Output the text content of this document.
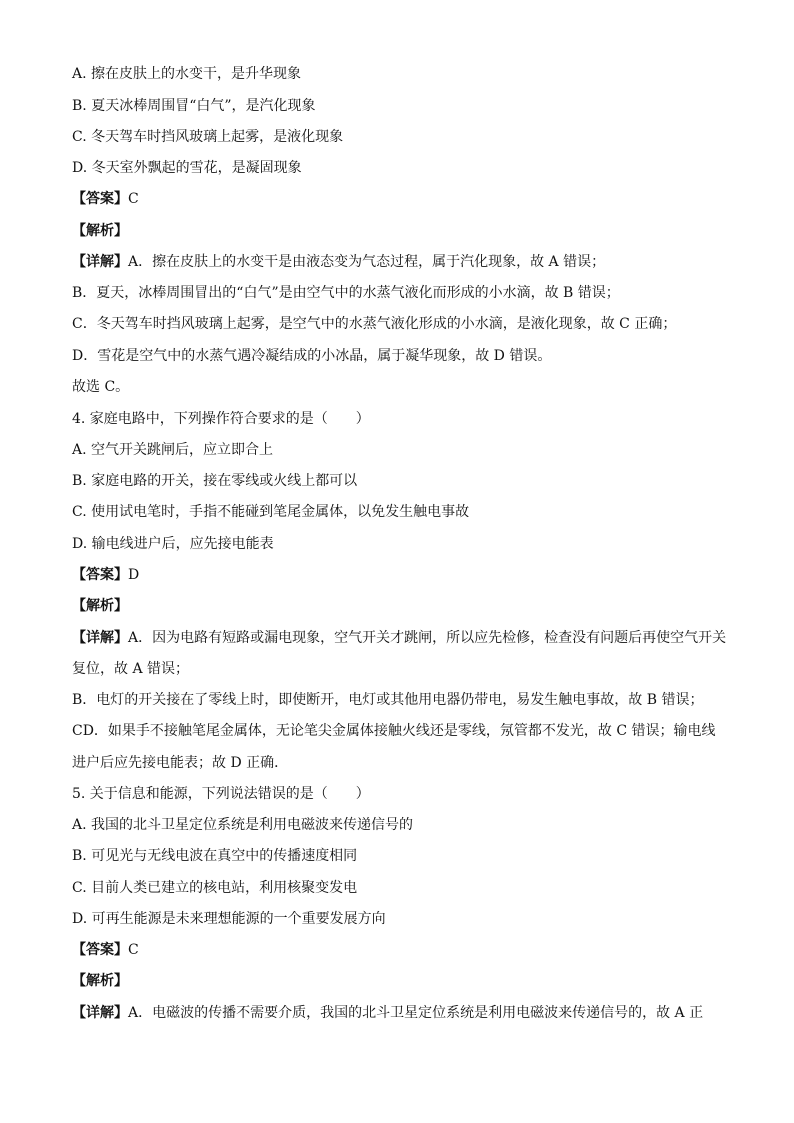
A. 擦在皮肤上的水变干，是升华现象
B. 夏天冰棒周围冒“白气”，是汽化现象
C. 冬天驾车时挡风玻璃上起雾，是液化现象
D. 冬天室外飘起的雪花，是凝固现象
【答案】C
【解析】
【详解】A．擦在皮肤上的水变干是由液态变为气态过程，属于汽化现象，故 A 错误；
B．夏天，冰棒周围冒出的“白气”是由空气中的水蒸气液化而形成的小水滴，故 B 错误；
C．冬天驾车时挡风玻璃上起雾，是空气中的水蒸气液化形成的小水滴，是液化现象，故 C 正确；
D．雪花是空气中的水蒸气遇冷凝结成的小冰晶，属于凝华现象，故 D 错误。
故选 C。
4. 家庭电路中，下列操作符合要求的是（　　）
A. 空气开关跳闸后，应立即合上
B. 家庭电路的开关，接在零线或火线上都可以
C. 使用试电笔时，手指不能碰到笔尾金属体，以免发生触电事故
D. 输电线进户后，应先接电能表
【答案】D
【解析】
【详解】A．因为电路有短路或漏电现象，空气开关才跳闸，所以应先检修，检查没有问题后再使空气开关
复位，故 A 错误；
B．电灯的开关接在了零线上时，即使断开，电灯或其他用电器仍带电，易发生触电事故，故 B 错误；
CD．如果手不接触笔尾金属体，无论笔尖金属体接触火线还是零线，氖管都不发光，故 C 错误；输电线
进户后应先接电能表；故 D 正确．
5. 关于信息和能源，下列说法错误的是（　　）
A. 我国的北斗卫星定位系统是利用电磁波来传递信号的
B. 可见光与无线电波在真空中的传播速度相同
C. 目前人类已建立的核电站，利用核聚变发电
D. 可再生能源是未来理想能源的一个重要发展方向
【答案】C
【解析】
【详解】A．电磁波的传播不需要介质，我国的北斗卫星定位系统是利用电磁波来传递信号的，故 A 正
